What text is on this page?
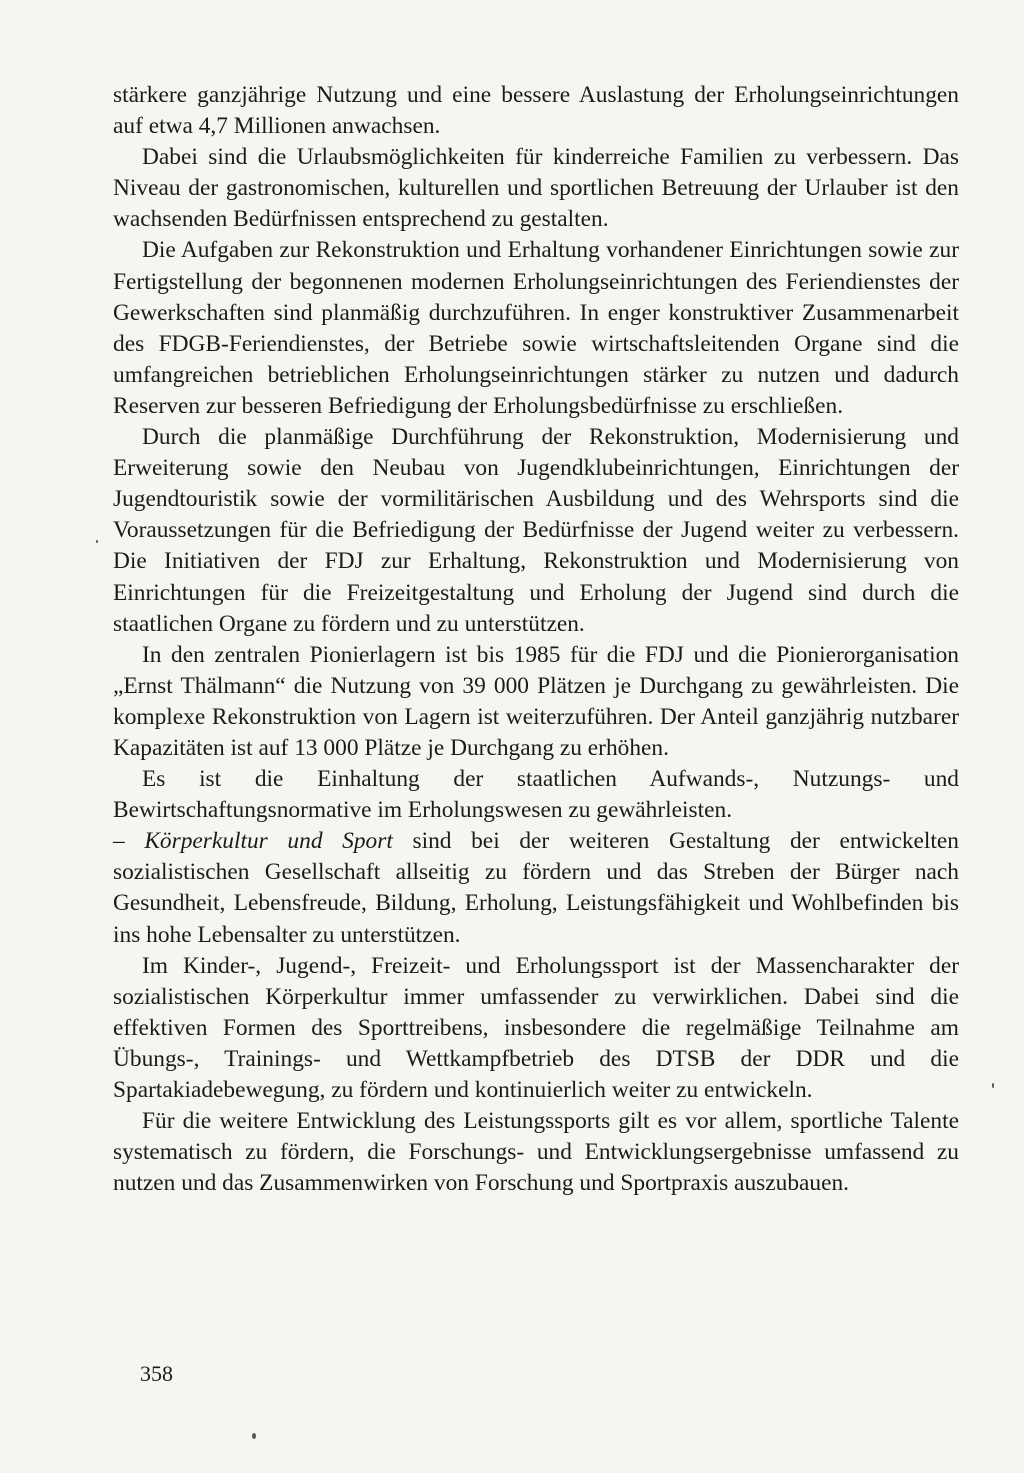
stärkere ganzjährige Nutzung und eine bessere Auslastung der Erholungseinrichtungen auf etwa 4,7 Millionen anwachsen.

Dabei sind die Urlaubsmöglichkeiten für kinderreiche Familien zu verbessern. Das Niveau der gastronomischen, kulturellen und sportlichen Betreuung der Urlauber ist den wachsenden Bedürfnissen entsprechend zu gestalten.

Die Aufgaben zur Rekonstruktion und Erhaltung vorhandener Einrichtungen sowie zur Fertigstellung der begonnenen modernen Erholungseinrichtungen des Feriendienstes der Gewerkschaften sind planmäßig durchzuführen. In enger konstruktiver Zusammenarbeit des FDGB-Feriendienstes, der Betriebe sowie wirtschaftsleitenden Organe sind die umfangreichen betrieblichen Erholungseinrichtungen stärker zu nutzen und dadurch Reserven zur besseren Befriedigung der Erholungsbedürfnisse zu erschließen.

Durch die planmäßige Durchführung der Rekonstruktion, Modernisierung und Erweiterung sowie den Neubau von Jugendklubeinrichtungen, Einrichtungen der Jugendtouristik sowie der vormilitärischen Ausbildung und des Wehrsports sind die Voraussetzungen für die Befriedigung der Bedürfnisse der Jugend weiter zu verbessern. Die Initiativen der FDJ zur Erhaltung, Rekonstruktion und Modernisierung von Einrichtungen für die Freizeitgestaltung und Erholung der Jugend sind durch die staatlichen Organe zu fördern und zu unterstützen.

In den zentralen Pionierlagern ist bis 1985 für die FDJ und die Pionierorganisation „Ernst Thälmann“ die Nutzung von 39 000 Plätzen je Durchgang zu gewährleisten. Die komplexe Rekonstruktion von Lagern ist weiterzuführen. Der Anteil ganzjährig nutzbarer Kapazitäten ist auf 13 000 Plätze je Durchgang zu erhöhen.

Es ist die Einhaltung der staatlichen Aufwands-, Nutzungs- und Bewirtschaftungsnormative im Erholungswesen zu gewährleisten.

– Körperkultur und Sport sind bei der weiteren Gestaltung der entwickelten sozialistischen Gesellschaft allseitig zu fördern und das Streben der Bürger nach Gesundheit, Lebensfreude, Bildung, Erholung, Leistungsfähigkeit und Wohlbefinden bis ins hohe Lebensalter zu unterstützen.

Im Kinder-, Jugend-, Freizeit- und Erholungssport ist der Massencharakter der sozialistischen Körperkultur immer umfassender zu verwirklichen. Dabei sind die effektiven Formen des Sporttreibens, insbesondere die regelmäßige Teilnahme am Übungs-, Trainings- und Wettkampfbetrieb des DTSB der DDR und die Spartakiadebewegung, zu fördern und kontinuierlich weiter zu entwickeln.

Für die weitere Entwicklung des Leistungssports gilt es vor allem, sportliche Talente systematisch zu fördern, die Forschungs- und Entwicklungsergebnisse umfassend zu nutzen und das Zusammenwirken von Forschung und Sportpraxis auszubauen.

358
